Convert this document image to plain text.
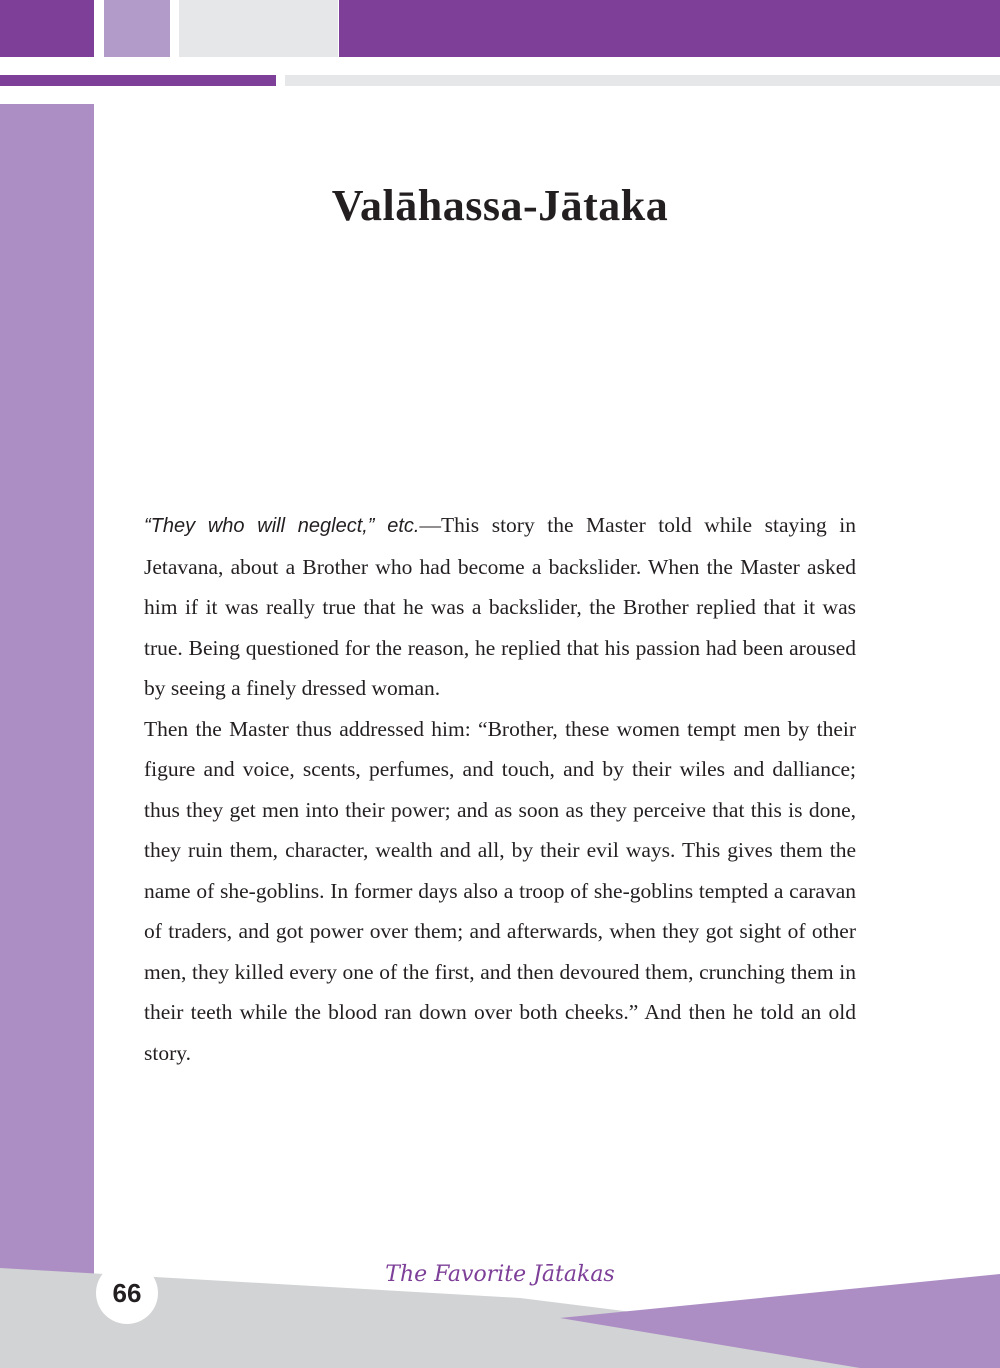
Valāhassa-Jātaka

“They who will neglect,” etc.—This story the Master told while staying in Jetavana, about a Brother who had become a backslider. When the Master asked him if it was really true that he was a backslider, the Brother replied that it was true. Being questioned for the reason, he replied that his passion had been aroused by seeing a finely dressed woman.

Then the Master thus addressed him: “Brother, these women tempt men by their figure and voice, scents, perfumes, and touch, and by their wiles and dalliance; thus they get men into their power; and as soon as they perceive that this is done, they ruin them, character, wealth and all, by their evil ways. This gives them the name of she-goblins. In former days also a troop of she-goblins tempted a caravan of traders, and got power over them; and afterwards, when they got sight of other men, they killed every one of the first, and then devoured them, crunching them in their teeth while the blood ran down over both cheeks.” And then he told an old story.

66
The Favorite Jātakas
